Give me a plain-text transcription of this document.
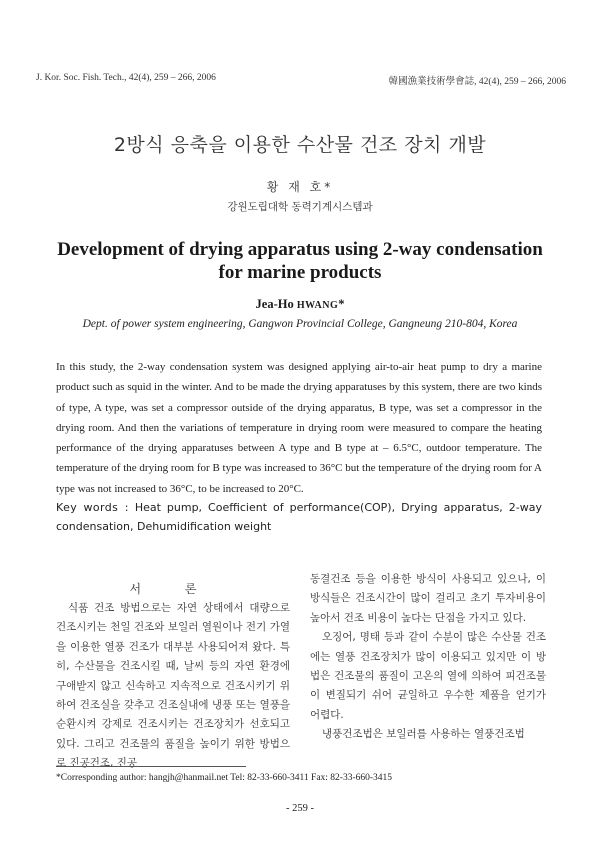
J. Kor. Soc. Fish. Tech., 42(4), 259 – 266, 2006	韓國漁業技術學會誌, 42(4), 259 – 266, 2006
2방식 응축을 이용한 수산물 건조 장치 개발
황 재 호*
강원도립대학 동력기계시스템과
Development of drying apparatus using 2-way condensation
for marine products
Jea-Ho HWANG*
Dept. of power system engineering, Gangwon Provincial College, Gangneung 210-804, Korea
In this study, the 2-way condensation system was designed applying air-to-air heat pump to dry a marine product such as squid in the winter. And to be made the drying apparatuses by this system, there are two kinds of type, A type, was set a compressor outside of the drying apparatus, B type, was set a compressor in the drying room. And then the variations of temperature in drying room were measured to compare the heating performance of the drying apparatuses between A type and B type at – 6.5°C, outdoor temperature. The temperature of the drying room for B type was increased to 36°C but the temperature of the drying room for A type was not increased to 36°C, to be increased to 20°C.
Key words : Heat pump, Coefficient of performance(COP), Drying apparatus, 2-way condensation, Dehumidification weight
서 론

식품 건조 방법으로는 자연 상태에서 대량으로 건조시키는 천일 건조와 보일러 열원이나 전기 가열을 이용한 열풍 건조가 대부분 사용되어져 왔다. 특히, 수산물을 건조시킬 때, 날씨 등의 자연 환경에 구애받지 않고 신속하고 지속적으로 건조시키기 위하여 건조실을 갖추고 건조실내에 냉풍 또는 열풍을 순환시켜 강제로 건조시키는 건조장치가 선호되고 있다. 그리고 건조물의 품질을 높이기 위한 방법으로 진공건조, 진공

동결건조 등을 이용한 방식이 사용되고 있으나, 이 방식들은 건조시간이 많이 걸리고 초기 투자비용이 높아서 건조 비용이 높다는 단점을 가지고 있다.

오징어, 명태 등과 같이 수분이 많은 수산물 건조에는 열풍 건조장치가 많이 이용되고 있지만 이 방법은 건조물의 품질이 고온의 열에 의하여 피건조물이 변질되기 쉬어 균일하고 우수한 제품을 얻기가 어렵다.

냉풍건조법은 보일러를 사용하는 열풍건조법

*Corresponding author: hangjh@hanmail.net Tel: 82-33-660-3411 Fax: 82-33-660-3415
- 259 -
